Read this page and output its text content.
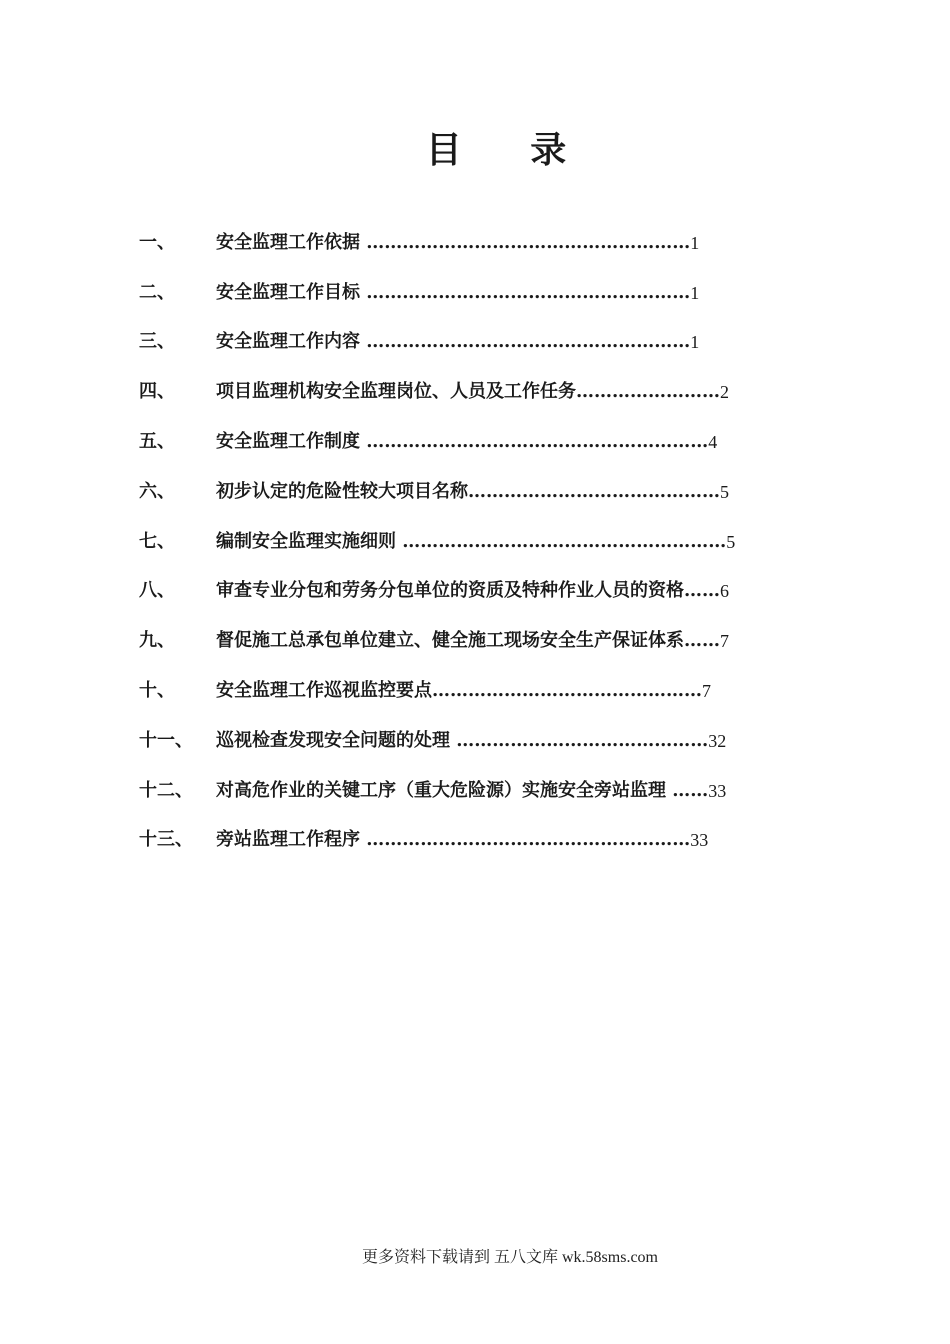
目 录
一、	安全监理工作依据 ……………………………………………… 1
二、	安全监理工作目标 ……………………………………………… 1
三、	安全监理工作内容 ……………………………………………… 1
四、	项目监理机构安全监理岗位、人员及工作任务…………………… 2
五、	安全监理工作制度 ………………………………………………… 4
六、	初步认定的危险性较大项目名称…………………………………… 5
七、	编制安全监理实施细则 ……………………………………………… 5
八、	审查专业分包和劳务分包单位的资质及特种作业人员的资格…… 6
九、	督促施工总承包单位建立、健全施工现场安全生产保证体系…… 7
十、	安全监理工作巡视监控要点……………………………………… 7
十一、	巡视检查发现安全问题的处理 …………………………………… 32
十二、	对高危作业的关键工序（重大危险源）实施安全旁站监理 …… 33
十三、	旁站监理工作程序 ……………………………………………… 33
更多资料下载请到 五八文库 wk.58sms.com
